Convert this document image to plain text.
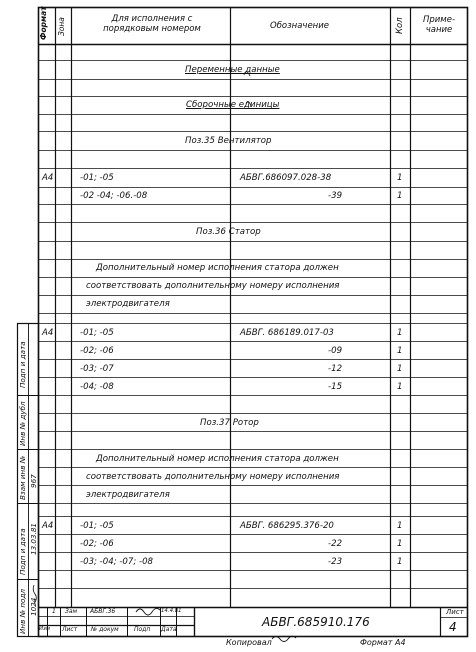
Формат Зона	Для исполнения с порядковым номером	Обозначение	Кол	Приме-
чание
Переменные данные
Сборочные единицы
Поз.35 Вентилятор
А4	-01; -05	АБВГ.686097.028-38	1
-02 -04; -06.-08	-39	1
Поз.36 Статор
Дополнительный номер исполнения статора должен
соответствовать дополнительному номеру исполнения
электродвигателя
А4	-01; -05	АБВГ. 686189.017-03	1
-02; -06	-09	1
-03; -07	-12	1
-04; -08	-15	1
Поз.37 Ротор
Дополнительный номер исполнения статора должен
соответствовать дополнительному номеру исполнения
электродвигателя
А4	-01; -05	АБВГ. 686295.376-20	1
-02; -06	-22	1
-03; -04; -07; -08	-23	1
Подп и дата
Инв № дубл
Взам инв № 967
Подп и дата 13.03.81
Инв № подл 1024 1 Зам АБВГ.36	14.4.81
Изм Лист № докум	Подп Дата
АБВГ.685910.176
Лист
4
Копировал	Формат А4
